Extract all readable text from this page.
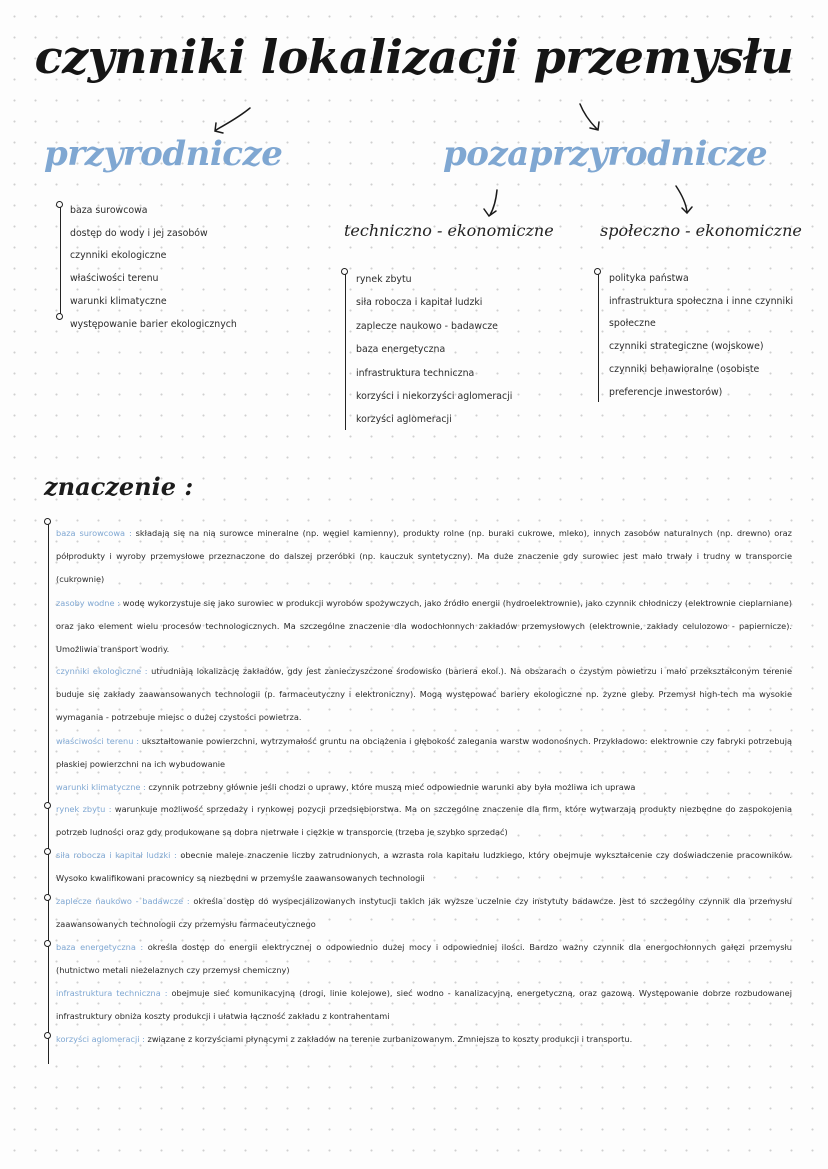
czynniki lokalizacji przemysłu
przyrodnicze	pozaprzyrodnicze

techniczno - ekonomiczne	społeczno - ekonomiczne

baza surowcowa
dostęp do wody i jej zasobów
czynniki ekologiczne
właściwości terenu
warunki klimatyczne
występowanie barier ekologicznych
rynek zbytu
siła robocza i kapitał ludzki
zaplecze naukowo - badawcze
baza energetyczna
infrastruktura techniczna
korzyści i niekorzyści aglomeracji
korzyści aglomeracji
polityka państwa
infrastruktura społeczna i inne czynniki społeczne
czynniki strategiczne (wojskowe)
czynniki behawioralne (osobiste preferencje inwestorów)
znaczenie :

baza surowcowa : składają się na nią surowce mineralne (np. węgiel kamienny), produkty rolne (np. buraki cukrowe, mleko), innych zasobów naturalnych (np. drewno) oraz półprodukty i wyroby przemysłowe przeznaczone do dalszej przeróbki (np. kauczuk syntetyczny). Ma duże znaczenie gdy surowiec jest mało trwały i trudny w transporcie (cukrownie)

zasoby wodne : wodę wykorzystuje się jako surowiec w produkcji wyrobów spożywczych, jako źródło energii (hydroelektrownie), jako czynnik chłodniczy (elektrownie cieplarniane) oraz jako element wielu procesów technologicznych. Ma szczególne znaczenie dla wodochłonnych zakładów przemysłowych (elektrownie, zakłady celulozowo - papiernicze). Umożliwia transport wodny.

czynniki ekologiczne : utrudniają lokalizację zakładów, gdy jest zanieczyszczone środowisko (bariera ekol.). Na obszarach o czystym powietrzu i mało przekształconym terenie buduje się zakłady zaawansowanych technologii (p. farmaceutyczny i elektroniczny). Mogą występować bariery ekologiczne np. żyzne gleby. Przemysł high-tech ma wysokie wymagania - potrzebuje miejsc o dużej czystości powietrza.

właściwości terenu : ukształtowanie powierzchni, wytrzymałość gruntu na obciążenia i głębokość zalegania warstw wodonośnych. Przykładowo: elektrownie czy fabryki potrzebują płaskiej powierzchni na ich wybudowanie

warunki klimatyczne : czynnik potrzebny głównie jeśli chodzi o uprawy, które muszą mieć odpowiednie warunki aby była możliwa ich uprawa

rynek zbytu : warunkuje możliwość sprzedaży i rynkowej pozycji przedsiębiorstwa. Ma on szczególne znaczenie dla firm, które wytwarzają produkty niezbędne do zaspokojenia potrzeb ludności oraz gdy produkowane są dobra nietrwałe i ciężkie w transporcie (trzeba je szybko sprzedać)

siła robocza i kapitał ludzki : obecnie maleje znaczenie liczby zatrudnionych, a wzrasta rola kapitału ludzkiego, który obejmuje wykształcenie czy doświadczenie pracowników. Wysoko kwalifikowani pracownicy są niezbędni w przemyśle zaawansowanych technologii

zaplecze naukowo - badawcze : określa dostęp do wyspecjalizowanych instytucji takich jak wyższe uczelnie czy instytuty badawcze. Jest to szczególny czynnik dla przemysłu zaawansowanych technologii czy przemysłu farmaceutycznego

baza energetyczna : określa dostęp do energii elektrycznej o odpowiednio dużej mocy i odpowiedniej ilości. Bardzo ważny czynnik dla energochłonnych gałęzi przemysłu (hutnictwo metali nieżelaznych czy przemysł chemiczny)

infrastruktura techniczna : obejmuje sieć komunikacyjną (drogi, linie kolejowe), sieć wodno - kanalizacyjną, energetyczną, oraz gazową. Występowanie dobrze rozbudowanej infrastruktury obniża koszty produkcji i ułatwia łączność zakładu z kontrahentami

korzyści aglomeracji : związane z korzyściami płynącymi z zakładów na terenie zurbanizowanym. Zmniejsza to koszty produkcji i transportu.
